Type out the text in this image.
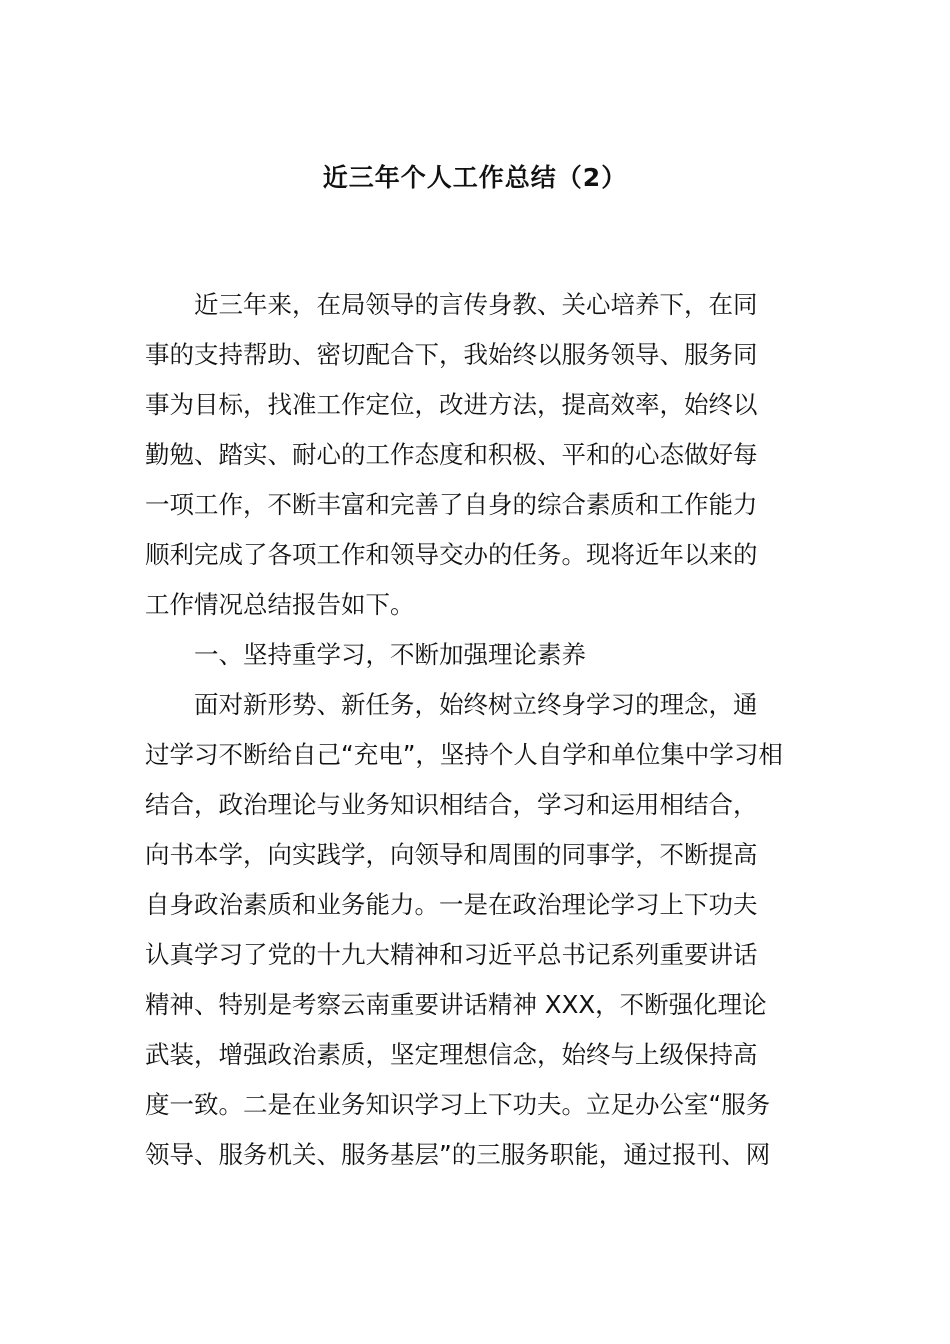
近三年个人工作总结（2）
近三年来，在局领导的言传身教、关心培养下，在同
事的支持帮助、密切配合下，我始终以服务领导、服务同
事为目标，找准工作定位，改进方法，提高效率，始终以
勤勉、踏实、耐心的工作态度和积极、平和的心态做好每
一项工作，不断丰富和完善了自身的综合素质和工作能力
顺利完成了各项工作和领导交办的任务。现将近年以来的
工作情况总结报告如下。
一、坚持重学习，不断加强理论素养
面对新形势、新任务，始终树立终身学习的理念，通
过学习不断给自己“充电”，坚持个人自学和单位集中学习相
结合，政治理论与业务知识相结合，学习和运用相结合，
向书本学，向实践学，向领导和周围的同事学，不断提高
自身政治素质和业务能力。一是在政治理论学习上下功夫
认真学习了党的十九大精神和习近平总书记系列重要讲话
精神、特别是考察云南重要讲话精神 XXX，不断强化理论
武装，增强政治素质，坚定理想信念，始终与上级保持高
度一致。二是在业务知识学习上下功夫。立足办公室“服务
领导、服务机关、服务基层”的三服务职能，通过报刊、网
